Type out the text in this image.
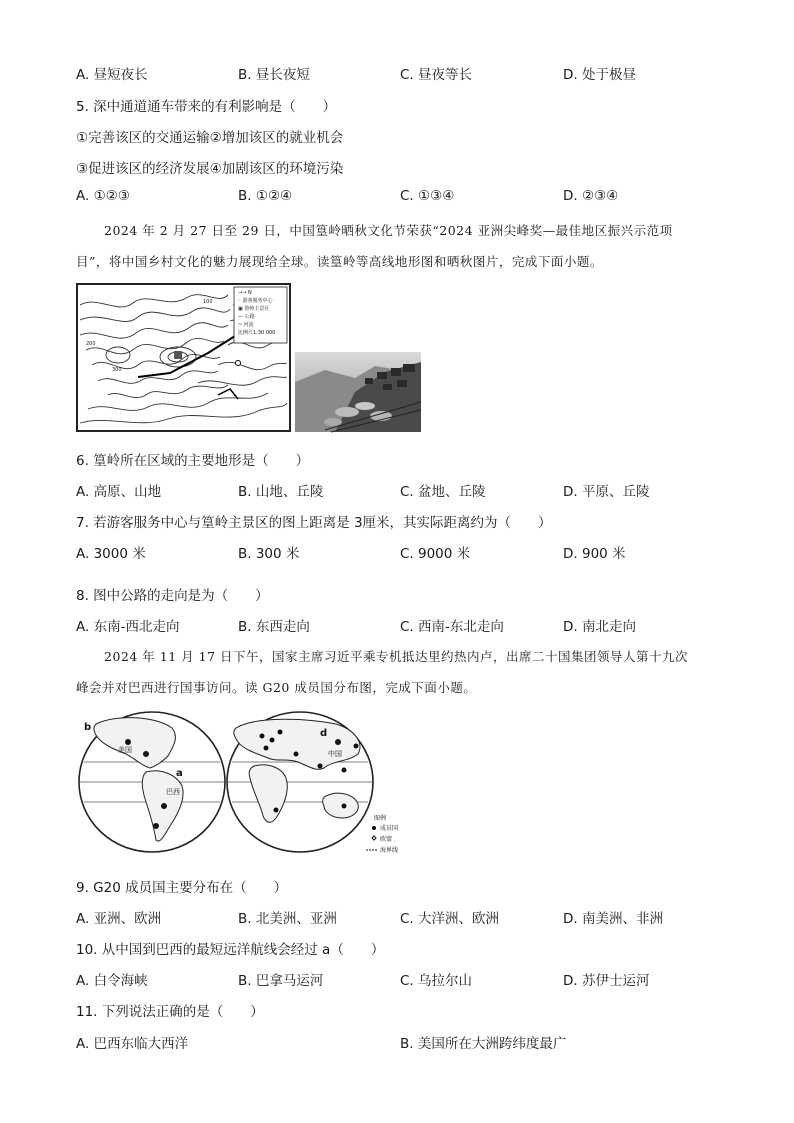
A. 昼短夜长	B. 昼长夜短	C. 昼夜等长	D. 处于极昼
5. 深中通道通车带来的有利影响是（　　）
①完善该区的交通运输②增加该区的就业机会
③促进该区的经济发展④加剧该区的环境污染
A. ①②③	B. ①②④	C. ①③④	D. ②③④
2024 年 2 月 27 日至 29 日，中国篁岭晒秋文化节荣获“2024 亚洲尖峰奖—最佳地区振兴示范项
目”，将中国乡村文化的魅力展现给全球。读篁岭等高线地形图和晒秋图片，完成下面小题。
→→ N
◦ 游客服务中心
▣ 篁岭主景区
— 公路
~ 河流
比例尺1:30 000
100
200
300
6. 篁岭所在区域的主要地形是（　　）
A. 高原、山地	B. 山地、丘陵	C. 盆地、丘陵	D. 平原、丘陵
7. 若游客服务中心与篁岭主景区的图上距离是 3厘米，其实际距离约为（　　）
A. 3000 米	B. 300 米	C. 9000 米	D. 900 米
8. 图中公路的走向是为（　　）
A. 东南-西北走向	B. 东西走向	C. 西南-东北走向	D. 南北走向
2024 年 11 月 17 日下午，国家主席习近平乘专机抵达里约热内卢，出席二十国集团领导人第十九次
峰会并对巴西进行国事访问。读 G20 成员国分布图，完成下面小题。
b
a
d
美国
巴西
中国
图例
成员国
欧盟
海界线
9. G20 成员国主要分布在（　　）
A. 亚洲、欧洲	B. 北美洲、亚洲	C. 大洋洲、欧洲	D. 南美洲、非洲
10. 从中国到巴西的最短远洋航线会经过 a（　　）
A. 白令海峡	B. 巴拿马运河	C. 乌拉尔山	D. 苏伊士运河
11. 下列说法正确的是（　　）
A. 巴西东临大西洋	B. 美国所在大洲跨纬度最广
